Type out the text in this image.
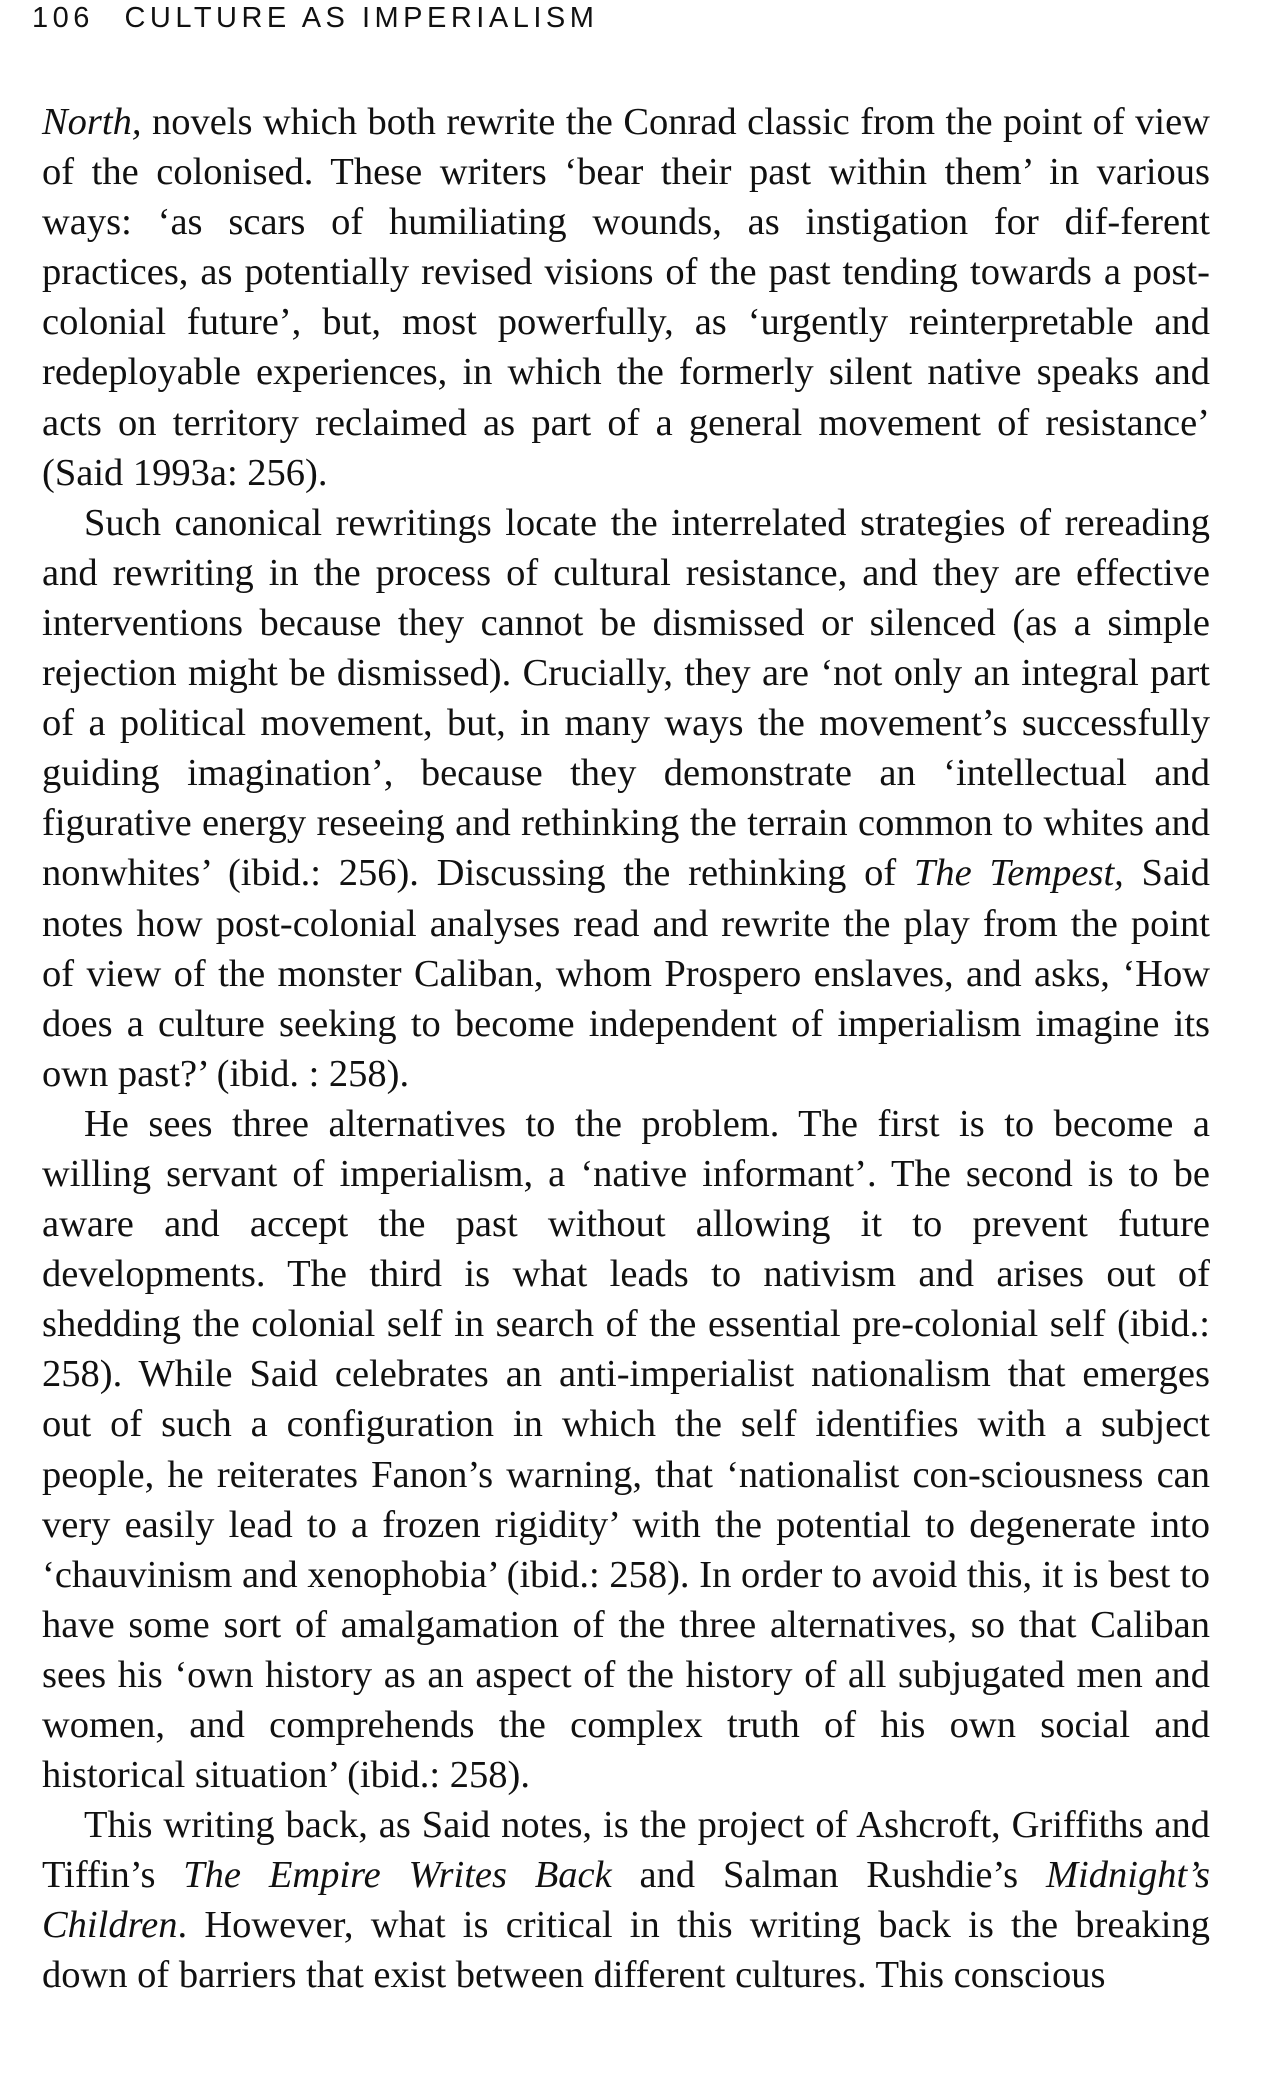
106 CULTURE AS IMPERIALISM

North, novels which both rewrite the Conrad classic from the point of view of the colonised. These writers ‘bear their past within them’ in various ways: ‘as scars of humiliating wounds, as instigation for dif-ferent practices, as potentially revised visions of the past tending towards a post-colonial future’, but, most powerfully, as ‘urgently reinterpretable and redeployable experiences, in which the formerly silent native speaks and acts on territory reclaimed as part of a general movement of resistance’ (Said 1993a: 256).

Such canonical rewritings locate the interrelated strategies of rereading and rewriting in the process of cultural resistance, and they are effective interventions because they cannot be dismissed or silenced (as a simple rejection might be dismissed). Crucially, they are ‘not only an integral part of a political movement, but, in many ways the movement’s successfully guiding imagination’, because they demonstrate an ‘intellectual and figurative energy reseeing and rethinking the terrain common to whites and nonwhites’ (ibid.: 256). Discussing the rethinking of The Tempest, Said notes how post-colonial analyses read and rewrite the play from the point of view of the monster Caliban, whom Prospero enslaves, and asks, ‘How does a culture seeking to become independent of imperialism imagine its own past?’ (ibid. : 258).

He sees three alternatives to the problem. The first is to become a willing servant of imperialism, a ‘native informant’. The second is to be aware and accept the past without allowing it to prevent future developments. The third is what leads to nativism and arises out of shedding the colonial self in search of the essential pre-colonial self (ibid.: 258). While Said celebrates an anti-imperialist nationalism that emerges out of such a configuration in which the self identifies with a subject people, he reiterates Fanon’s warning, that ‘nationalist con-sciousness can very easily lead to a frozen rigidity’ with the potential to degenerate into ‘chauvinism and xenophobia’ (ibid.: 258). In order to avoid this, it is best to have some sort of amalgamation of the three alternatives, so that Caliban sees his ‘own history as an aspect of the history of all subjugated men and women, and comprehends the complex truth of his own social and historical situation’ (ibid.: 258).

This writing back, as Said notes, is the project of Ashcroft, Griffiths and Tiffin’s The Empire Writes Back and Salman Rushdie’s Midnight’s Children. However, what is critical in this writing back is the breaking down of barriers that exist between different cultures. This conscious
